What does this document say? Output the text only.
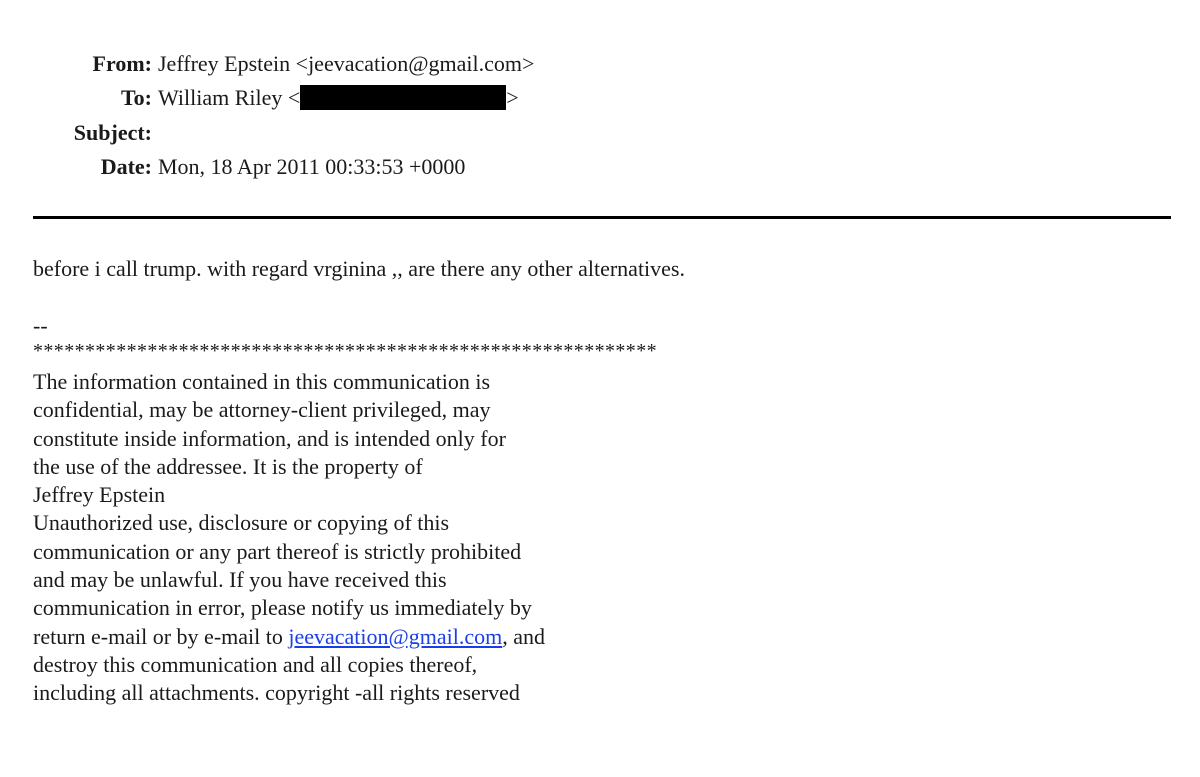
From: Jeffrey Epstein <jeevacation@gmail.com>
To: William Riley <	>
Subject:
Date: Mon, 18 Apr 2011 00:33:53 +0000
before i call trump. with regard vrginina ,, are there any other alternatives.
--
************************************************************
The information contained in this communication is
confidential, may be attorney-client privileged, may
constitute inside information, and is intended only for
the use of the addressee. It is the property of
Jeffrey Epstein
Unauthorized use, disclosure or copying of this
communication or any part thereof is strictly prohibited
and may be unlawful. If you have received this
communication in error, please notify us immediately by
return e-mail or by e-mail to jeevacation@gmail.com, and
destroy this communication and all copies thereof,
including all attachments. copyright -all rights reserved
